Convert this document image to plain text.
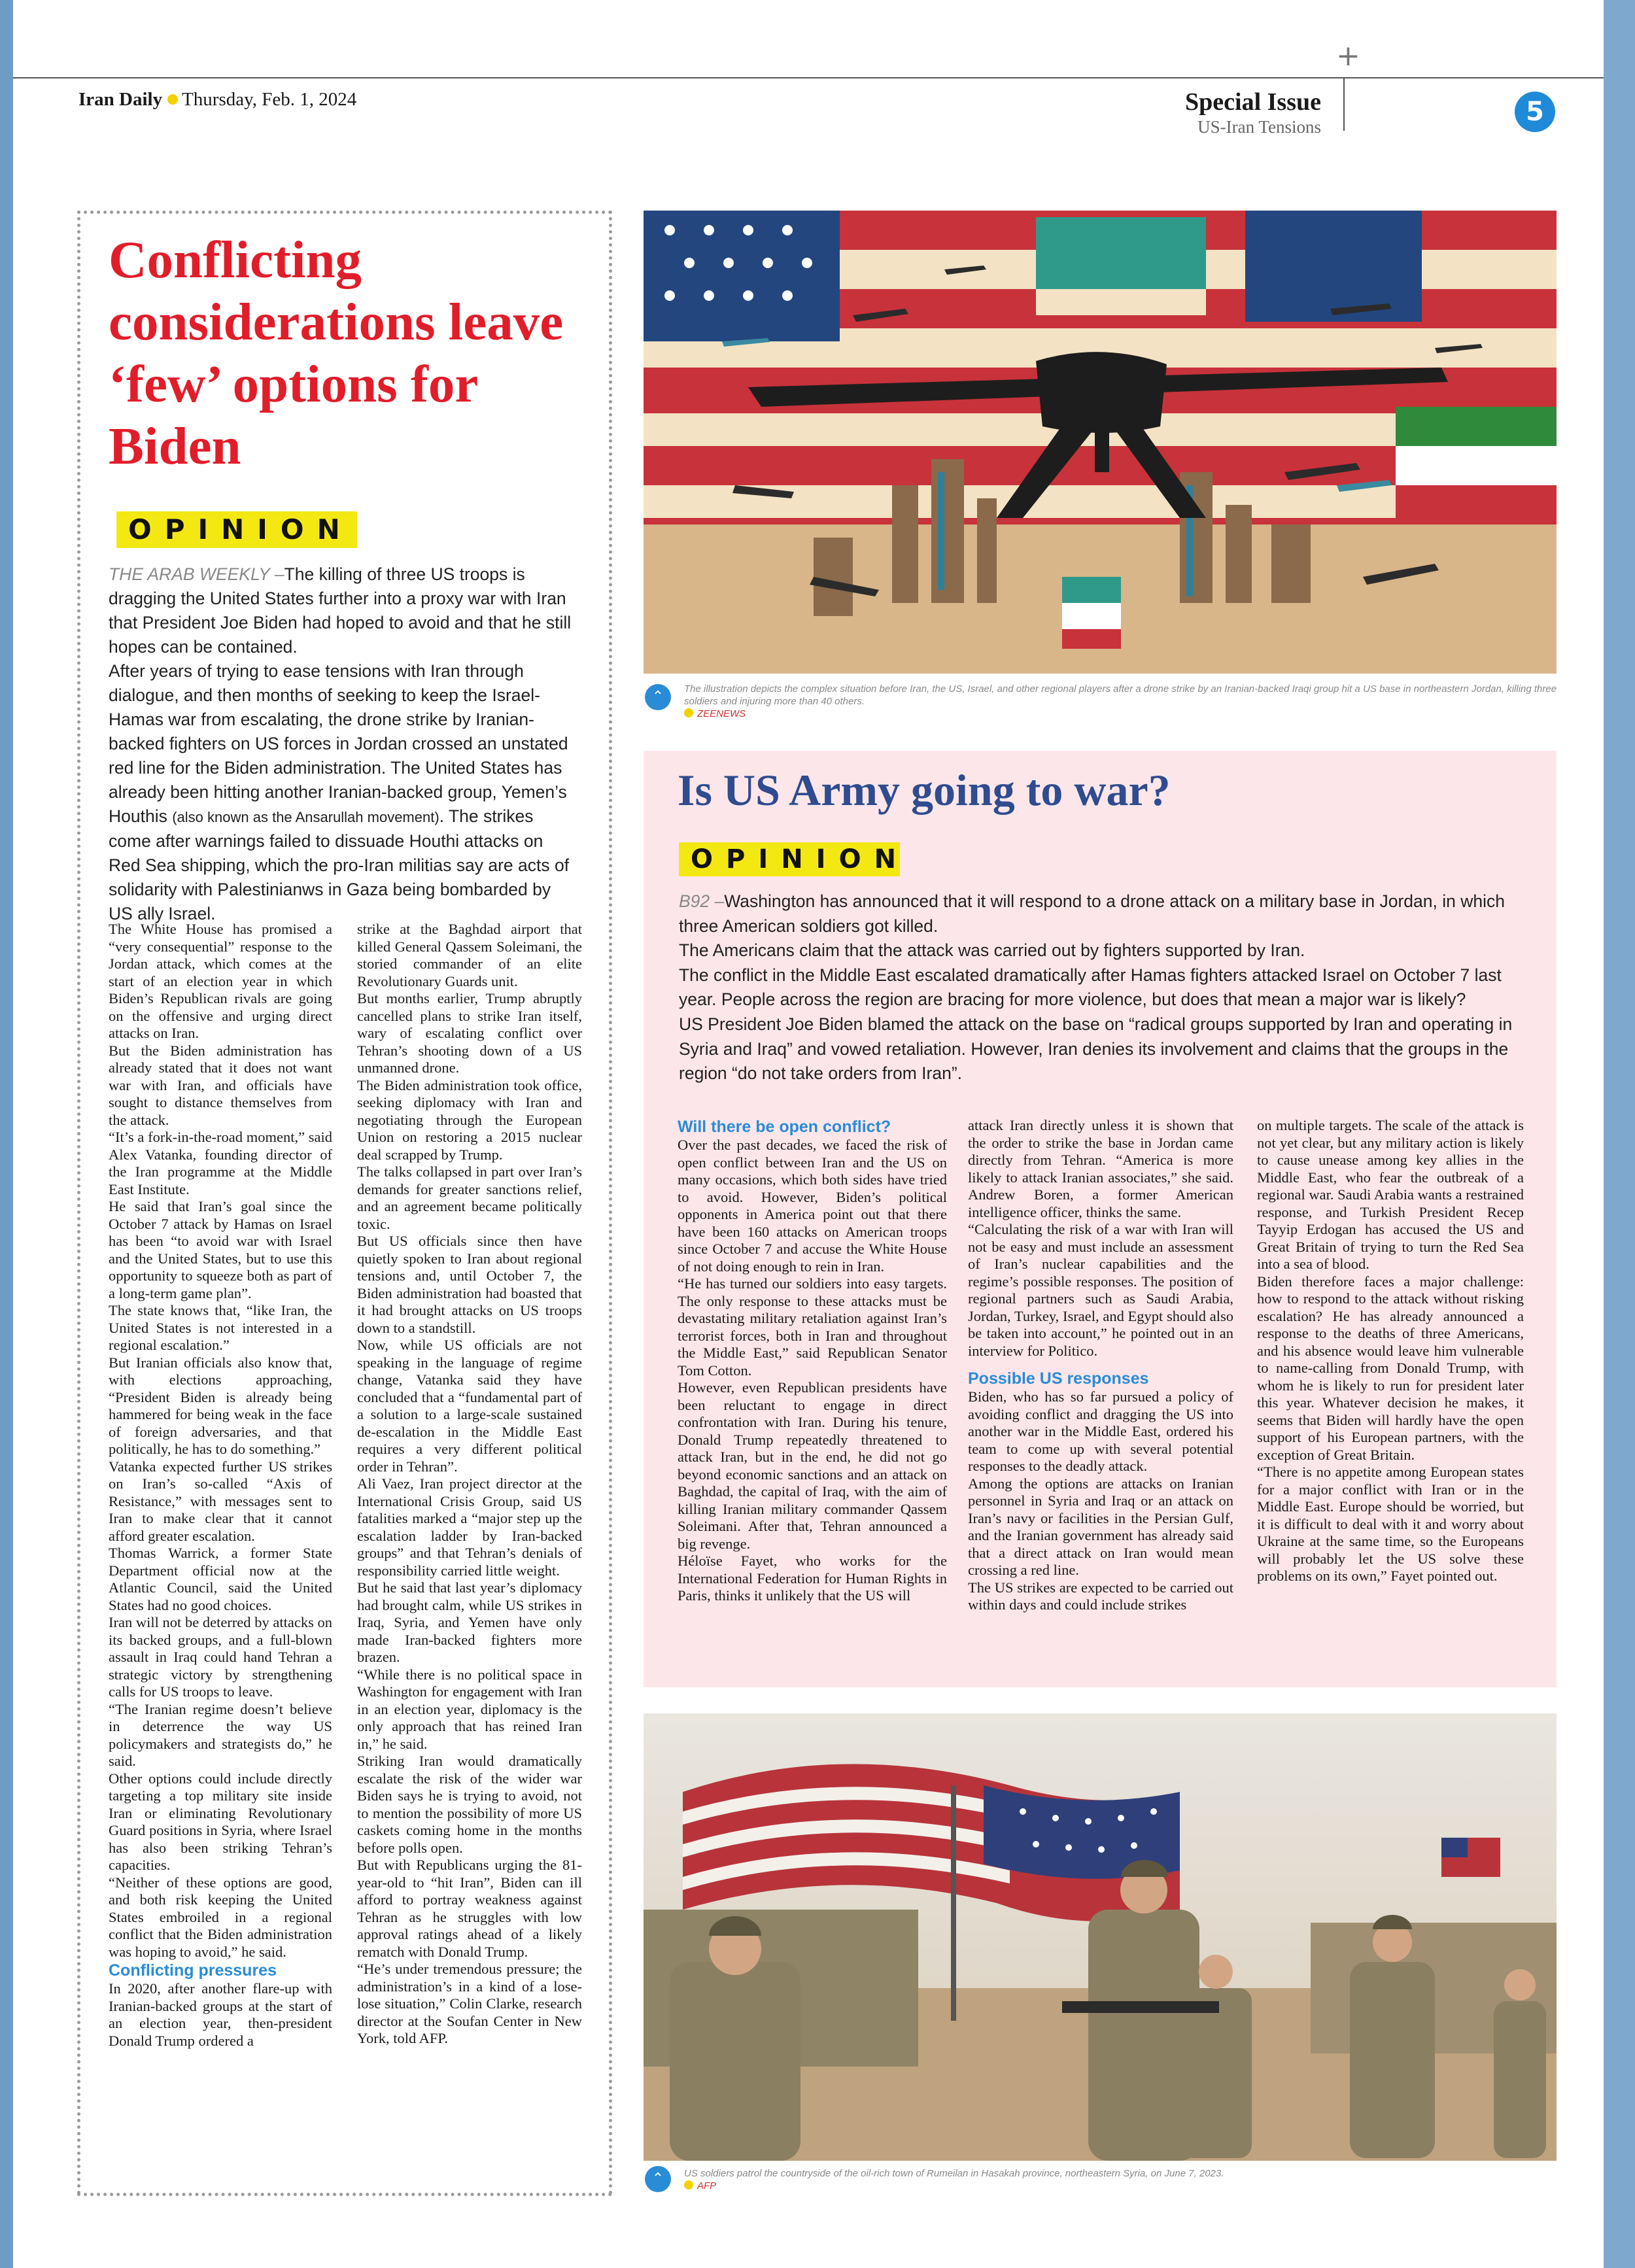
Iran Daily Thursday, Feb. 1, 2024
+
Special Issue
US-Iran Tensions	5
Conflicting considerations leave ‘few’ options for Biden
OPINION

THE ARAB WEEKLY –The killing of three US troops is dragging the United States further into a proxy war with Iran that President Joe Biden had hoped to avoid and that he still hopes can be contained.

After years of trying to ease tensions with Iran through dialogue, and then months of seeking to keep the Israel-Hamas war from escalating, the drone strike by Iranian-backed fighters on US forces in Jordan crossed an unstated red line for the Biden administration. The United States has already been hitting another Iranian-backed group, Yemen’s Houthis (also known as the Ansarullah movement). The strikes come after warnings failed to dissuade Houthi attacks on Red Sea shipping, which the pro-Iran militias say are acts of solidarity with Palestinianws in Gaza being bombarded by US ally Israel.

The White House has promised a “very consequential” response to the Jordan attack, which comes at the start of an election year in which Biden’s Republican rivals are going on the offensive and urging direct attacks on Iran.

But the Biden administration has already stated that it does not want war with Iran, and officials have sought to distance themselves from the attack.

“It’s a fork-in-the-road moment,” said Alex Vatanka, founding director of the Iran programme at the Middle East Institute.

He said that Iran’s goal since the October 7 attack by Hamas on Israel has been “to avoid war with Israel and the United States, but to use this opportunity to squeeze both as part of a long-term game plan”.

The state knows that, “like Iran, the United States is not interested in a regional escalation.”

But Iranian officials also know that, with elections approaching, “President Biden is already being hammered for being weak in the face of foreign adversaries, and that politically, he has to do something.”

Vatanka expected further US strikes on Iran’s so-called “Axis of Resistance,” with messages sent to Iran to make clear that it cannot afford greater escalation.

Thomas Warrick, a former State Department official now at the Atlantic Council, said the United States had no good choices.

Iran will not be deterred by attacks on its backed groups, and a full-blown assault in Iraq could hand Tehran a strategic victory by strengthening calls for US troops to leave.

“The Iranian regime doesn’t believe in deterrence the way US policymakers and strategists do,” he said.

Other options could include directly targeting a top military site inside Iran or eliminating Revolutionary Guard positions in Syria, where Israel has also been striking Tehran’s capacities.

“Neither of these options are good, and both risk keeping the United States embroiled in a regional conflict that the Biden administration was hoping to avoid,” he said.

Conflicting pressures

In 2020, after another flare-up with Iranian-backed groups at the start of an election year, then-president Donald Trump ordered a

strike at the Baghdad airport that killed General Qassem Soleimani, the storied commander of an elite Revolutionary Guards unit.

But months earlier, Trump abruptly cancelled plans to strike Iran itself, wary of escalating conflict over Tehran’s shooting down of a US unmanned drone.

The Biden administration took office, seeking diplomacy with Iran and negotiating through the European Union on restoring a 2015 nuclear deal scrapped by Trump.

The talks collapsed in part over Iran’s demands for greater sanctions relief, and an agreement became politically toxic.

But US officials since then have quietly spoken to Iran about regional tensions and, until October 7, the Biden administration had boasted that it had brought attacks on US troops down to a standstill.

Now, while US officials are not speaking in the language of regime change, Vatanka said they have concluded that a “fundamental part of a solution to a large-scale sustained de-escalation in the Middle East requires a very different political order in Tehran”.

Ali Vaez, Iran project director at the International Crisis Group, said US fatalities marked a “major step up the escalation ladder by Iran-backed groups” and that Tehran’s denials of responsibility carried little weight.

But he said that last year’s diplomacy had brought calm, while US strikes in Iraq, Syria, and Yemen have only made Iran-backed fighters more brazen.

“While there is no political space in Washington for engagement with Iran in an election year, diplomacy is the only approach that has reined Iran in,” he said.

Striking Iran would dramatically escalate the risk of the wider war Biden says he is trying to avoid, not to mention the possibility of more US caskets coming home in the months before polls open.

But with Republicans urging the 81-year-old to “hit Iran”, Biden can ill afford to portray weakness against Tehran as he struggles with low approval ratings ahead of a likely rematch with Donald Trump.

“He’s under tremendous pressure; the administration’s in a kind of a lose-lose situation,” Colin Clarke, research director at the Soufan Center in New York, told AFP.

⌃	The illustration depicts the complex situation before Iran, the US, Israel, and other regional players after a drone strike by an Iranian-backed Iraqi group hit a US base in northeastern Jordan, killing three soldiers and injuring more than 40 others.
ZEENEWS
Is US Army going to war?
OPINION

B92 –Washington has announced that it will respond to a drone attack on a military base in Jordan, in which three American soldiers got killed.

The Americans claim that the attack was carried out by fighters supported by Iran.

The conflict in the Middle East escalated dramatically after Hamas fighters attacked Israel on October 7 last year. People across the region are bracing for more violence, but does that mean a major war is likely?

US President Joe Biden blamed the attack on the base on “radical groups supported by Iran and operating in Syria and Iraq” and vowed retaliation. However, Iran denies its involvement and claims that the groups in the region “do not take orders from Iran”.

Will there be open conflict?

Over the past decades, we faced the risk of open conflict between Iran and the US on many occasions, which both sides have tried to avoid. However, Biden’s political opponents in America point out that there have been 160 attacks on American troops since October 7 and accuse the White House of not doing enough to rein in Iran.

“He has turned our soldiers into easy targets. The only response to these attacks must be devastating military retaliation against Iran’s terrorist forces, both in Iran and throughout the Middle East,” said Republican Senator Tom Cotton.

However, even Republican presidents have been reluctant to engage in direct confrontation with Iran. During his tenure, Donald Trump repeatedly threatened to attack Iran, but in the end, he did not go beyond economic sanctions and an attack on Baghdad, the capital of Iraq, with the aim of killing Iranian military commander Qassem Soleimani. After that, Tehran announced a big revenge.

Héloïse Fayet, who works for the International Federation for Human Rights in Paris, thinks it unlikely that the US will

attack Iran directly unless it is shown that the order to strike the base in Jordan came directly from Tehran. “America is more likely to attack Iranian associates,” she said. Andrew Boren, a former American intelligence officer, thinks the same.

“Calculating the risk of a war with Iran will not be easy and must include an assessment of Iran’s nuclear capabilities and the regime’s possible responses. The position of regional partners such as Saudi Arabia, Jordan, Turkey, Israel, and Egypt should also be taken into account,” he pointed out in an interview for Politico.

Possible US responses

Biden, who has so far pursued a policy of avoiding conflict and dragging the US into another war in the Middle East, ordered his team to come up with several potential responses to the deadly attack.

Among the options are attacks on Iranian personnel in Syria and Iraq or an attack on Iran’s navy or facilities in the Persian Gulf, and the Iranian government has already said that a direct attack on Iran would mean crossing a red line.

The US strikes are expected to be carried out within days and could include strikes

on multiple targets. The scale of the attack is not yet clear, but any military action is likely to cause unease among key allies in the Middle East, who fear the outbreak of a regional war. Saudi Arabia wants a restrained response, and Turkish President Recep Tayyip Erdogan has accused the US and Great Britain of trying to turn the Red Sea into a sea of blood.

Biden therefore faces a major challenge: how to respond to the attack without risking escalation? He has already announced a response to the deaths of three Americans, and his absence would leave him vulnerable to name-calling from Donald Trump, with whom he is likely to run for president later this year. Whatever decision he makes, it seems that Biden will hardly have the open support of his European partners, with the exception of Great Britain.

“There is no appetite among European states for a major conflict with Iran or in the Middle East. Europe should be worried, but it is difficult to deal with it and worry about Ukraine at the same time, so the Europeans will probably let the US solve these problems on its own,” Fayet pointed out.

⌃	US soldiers patrol the countryside of the oil-rich town of Rumeilan in Hasakah province, northeastern Syria, on June 7, 2023.
AFP
